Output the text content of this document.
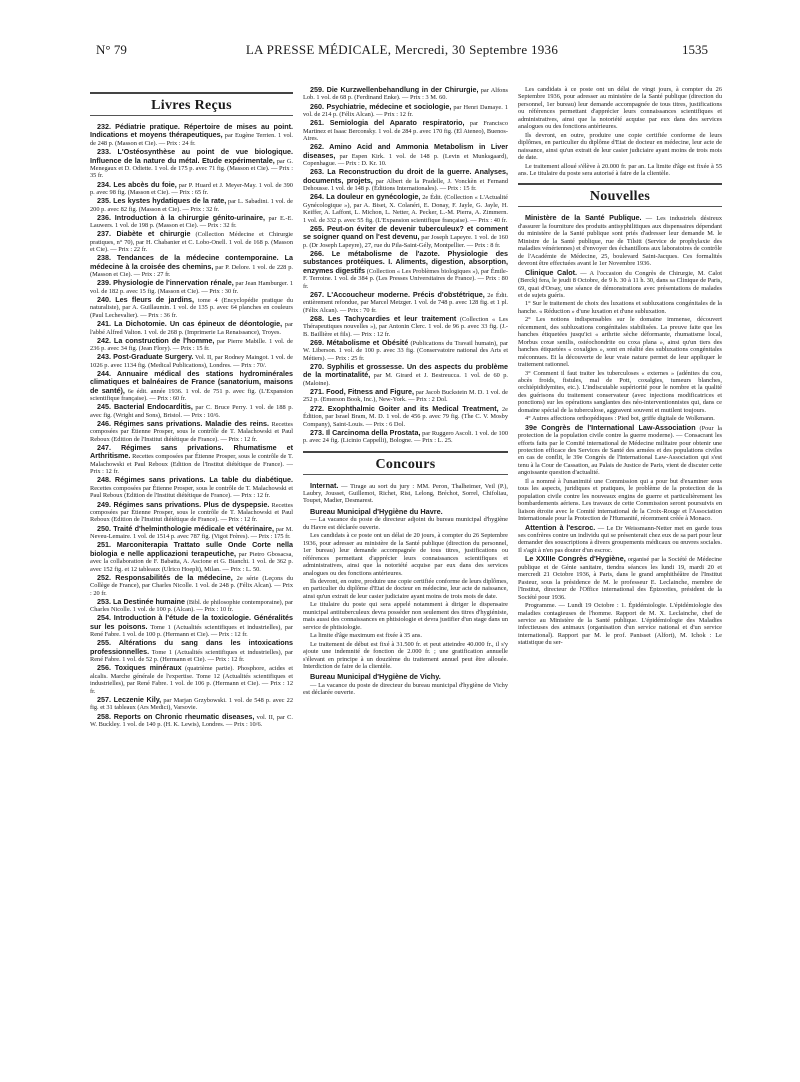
N° 79	LA PRESSE MÉDICALE, Mercredi, 30 Septembre 1936	1535
Livres Reçus

232. Pédiatrie pratique. Répertoire de mises au point. Indications et moyens thérapeutiques, par Eugène Terrien. 1 vol. de 248 p. (Masson et Cie). — Prix : 24 fr.

233. L'Ostéosynthèse au point de vue biologique. Influence de la nature du métal. Etude expérimentale, par G. Menegaux et D. Odiette. 1 vol. de 175 p. avec 71 fig. (Masson et Cie). — Prix : 35 fr.

234. Les abcès du foie, par P. Huard et J. Meyer-May. 1 vol. de 390 p. avec 98 fig. (Masson et Cie). — Prix : 65 fr.

235. Les kystes hydatiques de la rate, par L. Sabadini. 1 vol. de 200 p. avec 82 fig. (Masson et Cie). — Prix : 32 fr.

236. Introduction à la chirurgie génito-urinaire, par E.-E. Lauwers. 1 vol. de 198 p. (Masson et Cie). — Prix : 32 fr.

237. Diabète et chirurgie (Collection Médecine et Chirurgie pratiques, n° 70), par H. Chabanier et C. Lobo-Onell. 1 vol. de 168 p. (Masson et Cie). — Prix : 22 fr.

238. Tendances de la médecine contemporaine. La médecine à la croisée des chemins, par P. Delore. 1 vol. de 228 p. (Masson et Cie). — Prix : 27 fr.

239. Physiologie de l'innervation rénale, par Jean Hamburger. 1 vol. de 182 p. avec 15 fig. (Masson et Cie). — Prix : 30 fr.

240. Les fleurs de jardins, tome 4 (Encyclopédie pratique du naturaliste), par A. Guillaumin. 1 vol. de 135 p. avec 64 planches en couleurs (Paul Lechevalier). — Prix : 36 fr.

241. La Dichotomie. Un cas épineux de déontologie, par l'abbé Alfred Valton. 1 vol. de 268 p. (Imprimerie La Renaissance), Troyes.

242. La construction de l'homme, par Pierre Mabille. 1 vol. de 236 p. avec 34 fig. (Jean Flory). — Prix : 15 fr.

243. Post-Graduate Surgery. Vol. II, par Rodney Maingot. 1 vol. de 1026 p. avec 1134 fig. (Medical Publications), Londres. — Prix : 70/.

244. Annuaire médical des stations hydrominérales climatiques et balnéaires de France (sanatorium, maisons de santé), 6e édit. année 1936. 1 vol. de 751 p. avec fig. (L'Expansion scientifique française). — Prix : 60 fr.

245. Bacterial Endocarditis, par C. Bruce Perry. 1 vol. de 188 p. avec fig. (Wright and Sons), Bristol. — Prix : 10/6.

246. Régimes sans privations. Maladie des reins. Recettes composées par Étienne Prosper, sous le contrôle de T. Malachowski et Paul Reboux (Edition de l'Institut diététique de France). — Prix : 12 fr.

247. Régimes sans privations. Rhumatisme et Arthritisme. Recettes composées par Étienne Prosper, sous le contrôle de T. Malachowski et Paul Reboux (Edition de l'Institut diététique de France). — Prix : 12 fr.

248. Régimes sans privations. La table du diabétique. Recettes composées par Étienne Prosper, sous le contrôle de T. Malachowski et Paul Reboux (Edition de l'Institut diététique de France). — Prix : 12 fr.

249. Régimes sans privations. Plus de dyspepsie. Recettes composées par Étienne Prosper, sous le contrôle de T. Malachowski et Paul Reboux (Edition de l'Institut diététique de France). — Prix : 12 fr.

250. Traité d'helminthologie médicale et vétérinaire, par M. Neveu-Lemaire. 1 vol. de 1514 p. avec 787 fig. (Vigot Frères). — Prix : 175 fr.

251. Marconiterapia Trattato sulle Onde Corte nella biologia e nelle applicazioni terapeutiche, par Pietro Gbosacsa, avec la collaboration de F. Babatta, A. Ascione et G. Bianchi. 1 vol. de 362 p. avec 152 fig. et 12 tableaux (Ulrico Hoepli), Milan. — Prix : L. 50.

252. Responsabilités de la médecine, 2e série (Leçons du Collège de France), par Charles Nicolle. 1 vol. de 248 p. (Félix Alcan). — Prix : 20 fr.

253. La Destinée humaine (Bibl. de philosophie contemporaine), par Charles Nicolle. 1 vol. de 100 p. (Alcan). — Prix : 10 fr.

254. Introduction à l'étude de la toxicologie. Généralités sur les poisons. Tome 1 (Actualités scientifiques et industrielles), par René Fabre. 1 vol. de 100 p. (Hermann et Cie). — Prix : 12 fr.

255. Altérations du sang dans les intoxications professionnelles. Tome 1 (Actualités scientifiques et industrielles), par René Fabre. 1 vol. de 52 p. (Hermann et Cie). — Prix : 12 fr.

256. Toxiques minéraux (quatrième partie). Phosphore, acides et alcalis. Marche générale de l'expertise. Tome 12 (Actualités scientifiques et industrielles), par René Fabre. 1 vol. de 106 p. (Hermann et Cie). — Prix : 12 fr.

257. Leczenie Kily, par Marjan Grzybowski. 1 vol. de 548 p. avec 22 fig. et 31 tableaux (Ars Medici), Varsovie.

258. Reports on Chronic rheumatic diseases, vol. II, par C. W. Buckley. 1 vol. de 140 p. (H. K. Lewis), Londres. — Prix : 10/6.

259. Die Kurzwellenbehandlung in der Chirurgie, par Alfons Lob. 1 vol. de 68 p. (Ferdinand Enke). — Prix : 3 M. 60.

260. Psychiatrie, médecine et sociologie, par Henri Damaye. 1 vol. de 214 p. (Félix Alcan). — Prix : 12 fr.

261. Semiologia del Aparato respiratorio, par Francisco Martinez et Isaac Berconsky. 1 vol. de 284 p. avec 170 fig. (El Ateneo), Buenos-Aires.

262. Amino Acid and Ammonia Metabolism in Liver diseases, par Espen Kirk. 1 vol. de 148 p. (Levin et Munksgaard), Copenhague. — Prix : D. Kr. 10.

263. La Reconstruction du droit de la guerre. Analyses, documents, projets, par Albert de la Pradelle, J. Vonckèn et Fernand Dehousse. 1 vol. de 148 p. (Éditions Internationales). — Prix : 15 fr.

264. La douleur en gynécologie, 2e Édit. (Collection « L'Actualité Gynécologique »), par A. Biset, X. Colanéri, E. Donay, F. Jayle, G. Jayle, H. Keiffer, A. Laffont, L. Michon, L. Netter, A. Pecker, L.-M. Pierra, A. Zimmern. 1 vol. de 332 p. avec 55 fig. (L'Expansion scientifique française). — Prix : 40 fr.

265. Peut-on éviter de devenir tuberculeux? et comment se soigner quand on l'est devenu, par Joseph Lapeyre. 1 vol. de 160 p. (Dr Joseph Lapeyre), 27, rue du Pila-Saint-Gély, Montpellier. — Prix : 8 fr.

266. Le métabolisme de l'azote. Physiologie des substances protéiques. I. Aliments, digestion, absorption, enzymes digestifs (Collection « Les Problèmes biologiques »), par Émile-F. Terroine. 1 vol. de 384 p. (Les Presses Universitaires de France). — Prix : 80 fr.

267. L'Accoucheur moderne. Précis d'obstétrique, 2e Édit. entièrement refondue, par Marcel Metzger. 1 vol. de 748 p. avec 128 fig. et 1 pl. (Félix Alcan). — Prix : 70 fr.

268. Les Tachycardies et leur traitement (Collection « Les Thérapeutiques nouvelles »), par Antonin Clerc. 1 vol. de 96 p. avec 33 fig. (J.-B. Baillière et fils). — Prix : 12 fr.

269. Métabolisme et Obésité (Publications du Travail humain), par W. Liberson. 1 vol. de 100 p. avec 33 fig. (Conservatoire national des Arts et Métiers). — Prix : 25 fr.

270. Syphilis et grossesse. Un des aspects du problème de la mortinatalité, par M. Girard et J. Bestreucca. 1 vol. de 60 p. (Maloine).

271. Food, Fitness and Figure, par Jacob Buckstein M. D. 1 vol. de 252 p. (Emerson Book, Inc.), New-York. — Prix : 2 Dol.

272. Exophthalmic Goiter and its Medical Treatment, 2e Édition, par Israel Bram, M. D. 1 vol. de 456 p. avec 79 fig. (The C. V. Mosby Company), Saint-Louis. — Prix : 6 Dol.

273. Il Carcinoma della Prostata, par Ruggero Ascoli. 1 vol. de 100 p. avec 24 fig. (Licinio Cappelli), Bologne. — Prix : L. 25.

Concours

Internat. — Tirage au sort du jury : MM. Peron, Thalheimer, Veil (P.), Laubry, Jousset, Guillemot, Richet, Rist, Lelong, Bréchot, Sorrel, Chifoliau, Toupet, Madier, Desmarest.

Bureau Municipal d'Hygiène du Havre.

— La vacance du poste de directeur adjoint du bureau municipal d'hygiène du Havre est déclarée ouverte.

Les candidats à ce poste ont un délai de 20 jours, à compter du 26 Septembre 1936, pour adresser au ministère de la Santé publique (direction du personnel, 1er bureau) leur demande accompagnée de tous titres, justifications ou références permettant d'apprécier leurs connaissances scientifiques et administratives, ainsi que la notoriété acquise par eux dans des services analogues ou des fonctions antérieures.

Ils devront, en outre, produire une copie certifiée conforme de leurs diplômes, en particulier du diplôme d'Etat de docteur en médecine, leur acte de naissance, ainsi qu'un extrait de leur casier judiciaire ayant moins de trois mois de date.

Le titulaire du poste qui sera appelé notamment à diriger le dispensaire municipal antituberculeux devra posséder non seulement des titres d'hygiéniste, mais aussi des connaissances en phtisiologie et devra justifier d'un stage dans un service de phtisiologie.

La limite d'âge maximum est fixée à 35 ans.

Le traitement de début est fixé à 31.500 fr. et peut atteindre 40.000 fr., il s'y ajoute une indemnité de fonction de 2.000 fr. ; une gratification annuelle s'élevant en principe à un douzième du traitement annuel peut être allouée. Interdiction de faire de la clientèle.

Bureau Municipal d'Hygiène de Vichy.

— La vacance du poste de directeur du bureau municipal d'hygiène de Vichy est déclarée ouverte.

Les candidats à ce poste ont un délai de vingt jours, à compter du 26 Septembre 1936, pour adresser au ministère de la Santé publique (direction du personnel, 1er bureau) leur demande accompagnée de tous titres, justifications ou références permettant d'apprécier leurs connaissances scientifiques et administratives, ainsi que la notoriété acquise par eux dans des services analogues ou des fonctions antérieures.

Ils devront, en outre, produire une copie certifiée conforme de leurs diplômes, en particulier du diplôme d'Etat de docteur en médecine, leur acte de naissance, ainsi qu'un extrait de leur casier judiciaire ayant moins de trois mois de date.

Le traitement alloué s'élève à 20.000 fr. par an. La limite d'âge est fixée à 55 ans. Le titulaire du poste sera autorisé à faire de la clientèle.

Nouvelles

Ministère de la Santé Publique. — Les industriels désireux d'assurer la fourniture des produits antisyphilitiques aux dispensaires dépendant du ministère de la Santé publique sont priés d'adresser leur demande M. le Ministre de la Santé publique, rue de Tilsitt (Service de prophylaxie des maladies vénériennes) et d'envoyer des échantillons aux laboratoires de contrôle de l'Académie de Médecine, 25, boulevard Saint-Jacques. Ces formalités devront être effectuées avant le 1er Novembre 1936.

Clinique Calot. — A l'occasion du Congrès de Chirurgie, M. Calot (Berck) fera, le jeudi 8 Octobre, de 9 h. 30 à 11 h. 30, dans sa Clinique de Paris, 69, quai d'Orsay, une séance de démonstrations avec présentations de malades et de sujets guéris.

1° Sur le traitement de choix des luxations et subluxations congénitales de la hanche. « Réduction » d'une luxation et d'une subluxation.

2° Les notions indispensables sur le domaine immense, découvert récemment, des subluxations congénitales stabilisées. La preuve faite que les hanches étiquetées jusqu'ici « arthrite sèche déformante, rhumatisme local, Morbus coxæ senilis, ostéochondrite ou coxa plana », ainsi qu'un tiers des hanches étiquetées « coxalgies », sont en réalité des subluxations congénitales méconnues. Et la découverte de leur vraie nature permet de leur appliquer le traitement rationnel.

3° Comment il faut traiter les tuberculoses « externes » (adénites du cou, abcès froids, fistules, mal de Pott, coxalgies, tumeurs blanches, orchiépididymites, etc.). L'indiscutable supériorité pour le nombre et la qualité des guérisons du traitement conservateur (avec injections modificatrices et ponctions) sur les opérations sanglantes des néo-interventionnistes qui, dans ce domaine spécial de la tuberculose, aggravent souvent et mutilent toujours.

4° Autres affections orthopédiques : Pied bot, griffe digitale de Wolkmann.

39e Congrès de l'International Law-Association (Pour la protection de la population civile contre la guerre moderne). — Consacrant les efforts faits par le Comité international de Médecine militaire pour obtenir une protection efficace des Services de Santé des armées et des populations civiles en cas de conflit, le 39e Congrès de l'International Law-Association qui s'est tenu à la Cour de Cassation, au Palais de Justice de Paris, vient de discuter cette angoissante question d'actualité.

Il a nommé à l'unanimité une Commission qui a pour but d'examiner sous tous les aspects, juridiques et pratiques, le problème de la protection de la population civile contre les nouveaux engins de guerre et particulièrement les bombardements aériens. Les travaux de cette Commission seront poursuivis en liaison étroite avec le Comité international de la Croix-Rouge et l'Association Internationale pour la Protection de l'Humanité, récemment créée à Monaco.

Attention à l'escroc. — Le Dr Weissmann-Netter met en garde tous ses confrères contre un individu qui se présenterait chez eux de sa part pour leur demander des souscriptions à divers groupements médicaux ou œuvres sociales. Il s'agit à n'en pas douter d'un escroc.

Le XXIIIe Congrès d'Hygiène, organisé par la Société de Médecine publique et de Génie sanitaire, tiendra séances les lundi 19, mardi 20 et mercredi 21 Octobre 1936, à Paris, dans le grand amphithéâtre de l'Institut Pasteur, sous la présidence de M. le professeur E. Leclainche, membre de l'Institut, directeur de l'Office international des Épizooties, président de la Société pour 1936.

Programme. — Lundi 19 Octobre : 1. Épidémiologie. L'épidémiologie des maladies contagieuses de l'homme. Rapport de M. X. Leclainche, chef de service au Ministère de la Santé publique. L'épidémiologie des Maladies infectieuses des animaux (organisation d'un service national et d'un service international). Rapport par M. le prof. Panisset (Alfort), M. Ichok : Le statistique du ser-
